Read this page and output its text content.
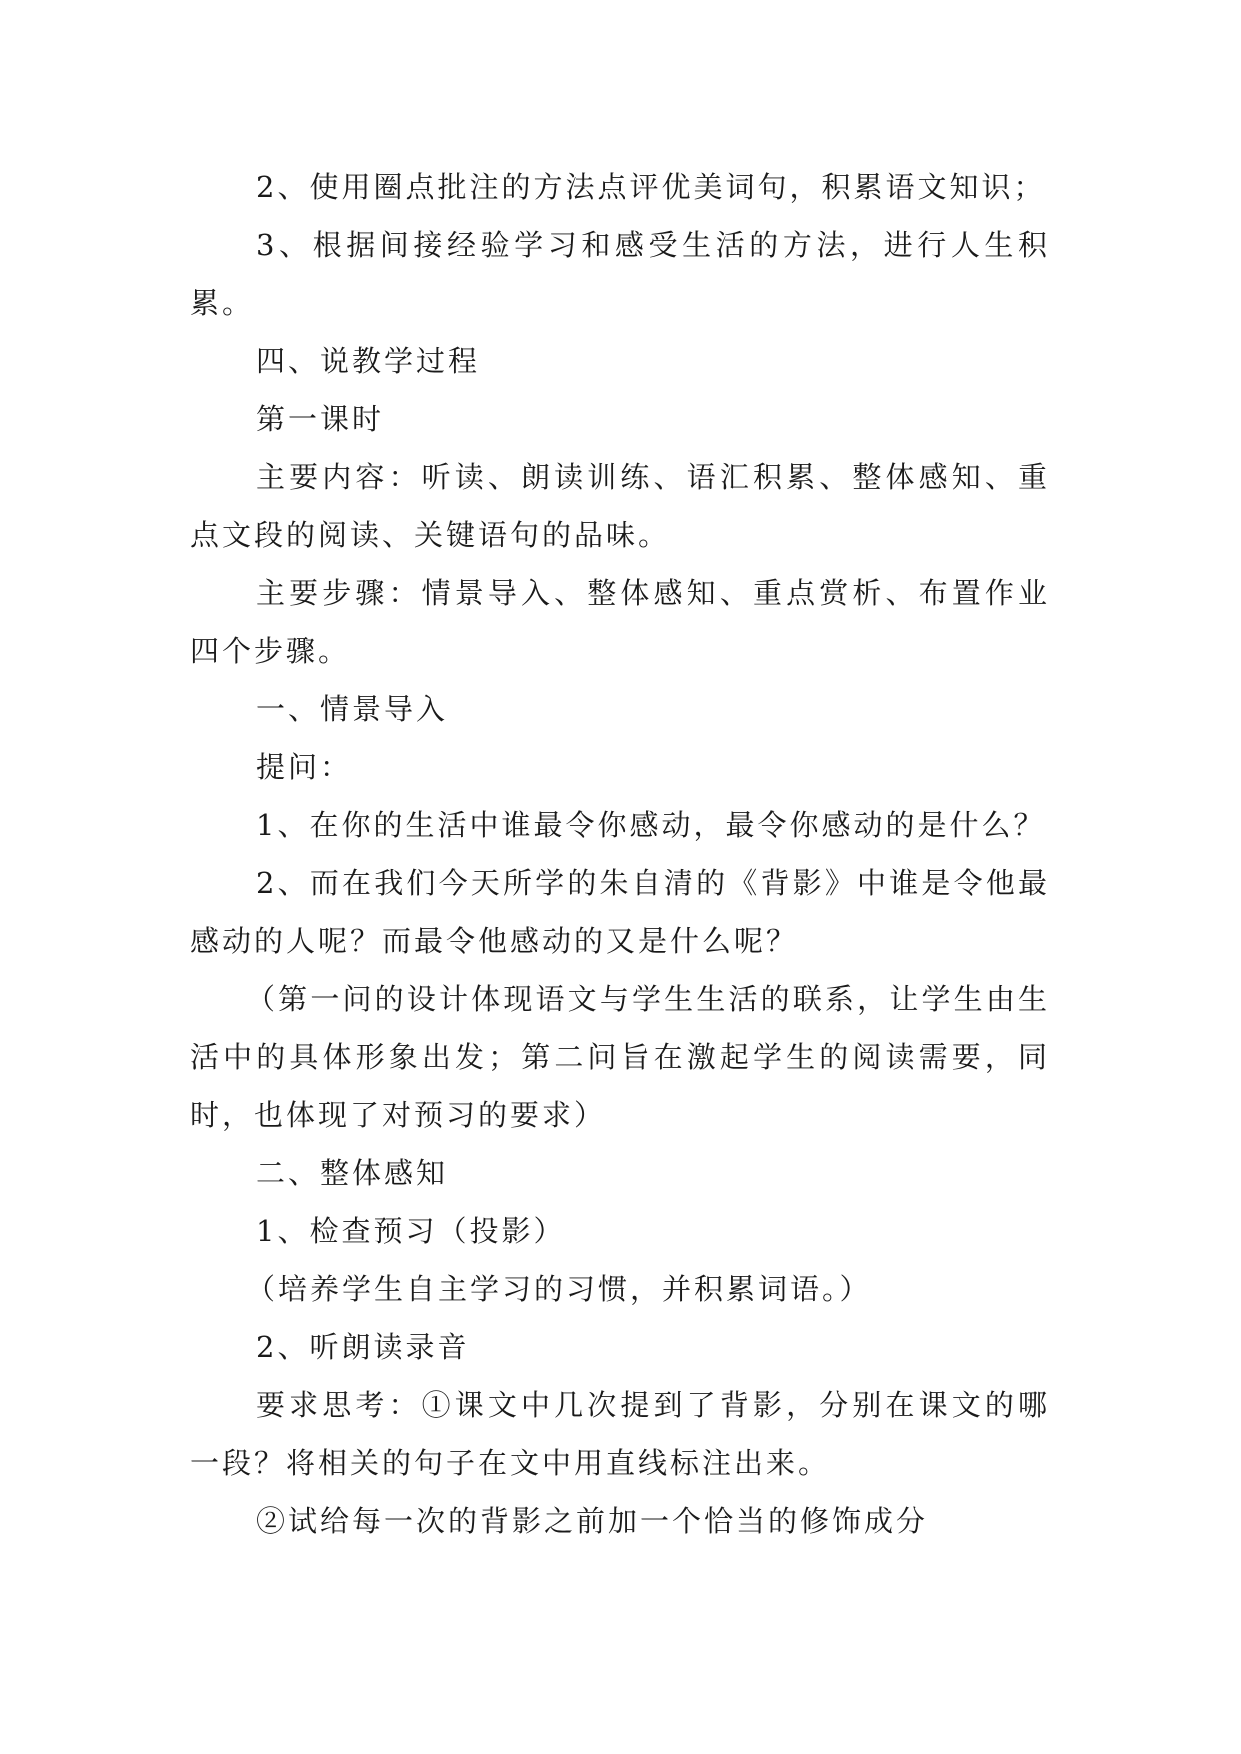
2、使用圈点批注的方法点评优美词句，积累语文知识；

3、根据间接经验学习和感受生活的方法，进行人生积累。

四、说教学过程

第一课时

主要内容：听读、朗读训练、语汇积累、整体感知、重点文段的阅读、关键语句的品味。

主要步骤：情景导入、整体感知、重点赏析、布置作业四个步骤。

一、情景导入

提问：

1、在你的生活中谁最令你感动，最令你感动的是什么？

2、而在我们今天所学的朱自清的《背影》中谁是令他最感动的人呢？而最令他感动的又是什么呢？

（第一问的设计体现语文与学生生活的联系，让学生由生活中的具体形象出发；第二问旨在激起学生的阅读需要，同时，也体现了对预习的要求）

二、整体感知

1、检查预习（投影）

（培养学生自主学习的习惯，并积累词语。）

2、听朗读录音

要求思考：①课文中几次提到了背影，分别在课文的哪一段？将相关的句子在文中用直线标注出来。

②试给每一次的背影之前加一个恰当的修饰成分
